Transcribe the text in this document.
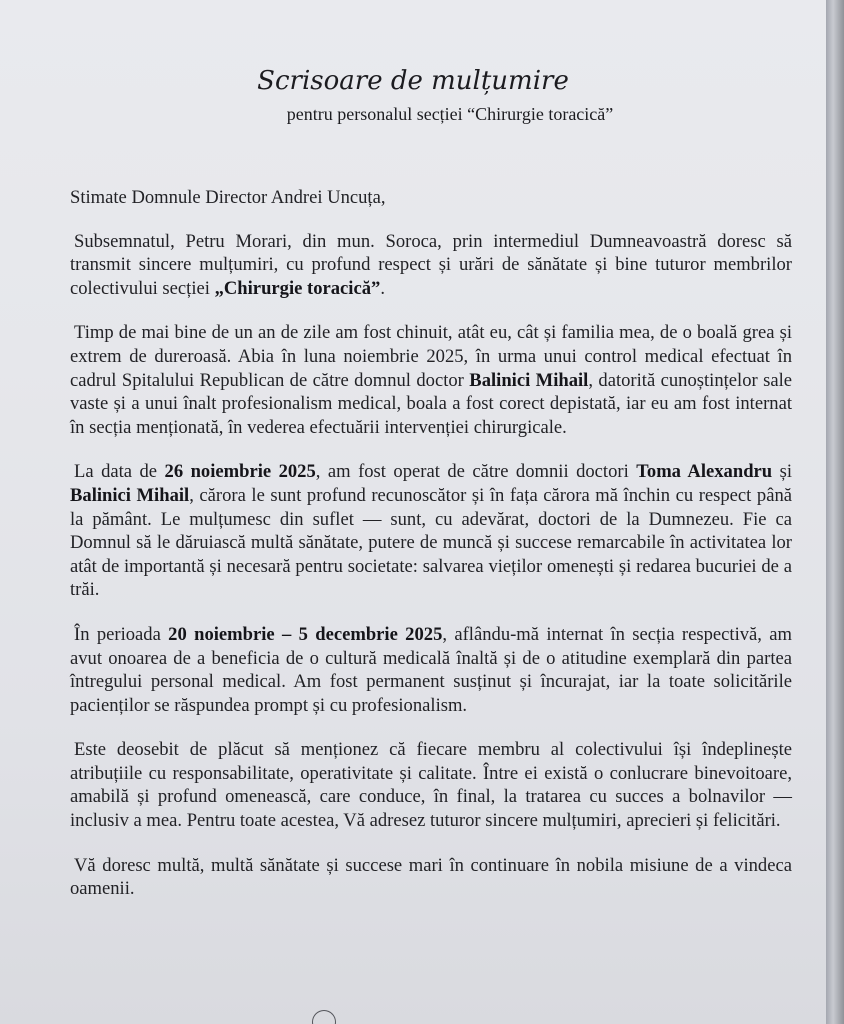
Scrisoare de mulțumire
pentru personalul secției “Chirurgie toracică”

Stimate Domnule Director Andrei Uncuța,

Subsemnatul, Petru Morari, din mun. Soroca, prin intermediul Dumneavoastră doresc să transmit sincere mulțumiri, cu profund respect și urări de sănătate și bine tuturor membrilor colectivului secției „Chirurgie toracică”.

Timp de mai bine de un an de zile am fost chinuit, atât eu, cât și familia mea, de o boală grea și extrem de dureroasă. Abia în luna noiembrie 2025, în urma unui control medical efectuat în cadrul Spitalului Republican de către domnul doctor Balinici Mihail, datorită cunoștințelor sale vaste și a unui înalt profesionalism medical, boala a fost corect depistată, iar eu am fost internat în secția menționată, în vederea efectuării intervenției chirurgicale.

La data de 26 noiembrie 2025, am fost operat de către domnii doctori Toma Alexandru și Balinici Mihail, cărora le sunt profund recunoscător și în fața cărora mă închin cu respect până la pământ. Le mulțumesc din suflet — sunt, cu adevărat, doctori de la Dumnezeu. Fie ca Domnul să le dăruiască multă sănătate, putere de muncă și succese remarcabile în activitatea lor atât de importantă și necesară pentru societate: salvarea vieților omenești și redarea bucuriei de a trăi.

În perioada 20 noiembrie – 5 decembrie 2025, aflându-mă internat în secția respectivă, am avut onoarea de a beneficia de o cultură medicală înaltă și de o atitudine exemplară din partea întregului personal medical. Am fost permanent susținut și încurajat, iar la toate solicitările pacienților se răspundea prompt și cu profesionalism.

Este deosebit de plăcut să menționez că fiecare membru al colectivului își îndeplinește atribuțiile cu responsabilitate, operativitate și calitate. Între ei există o conlucrare binevoitoare, amabilă și profund omenească, care conduce, în final, la tratarea cu succes a bolnavilor — inclusiv a mea. Pentru toate acestea, Vă adresez tuturor sincere mulțumiri, aprecieri și felicitări.

Vă doresc multă, multă sănătate și succese mari în continuare în nobila misiune de a vindeca oamenii.
